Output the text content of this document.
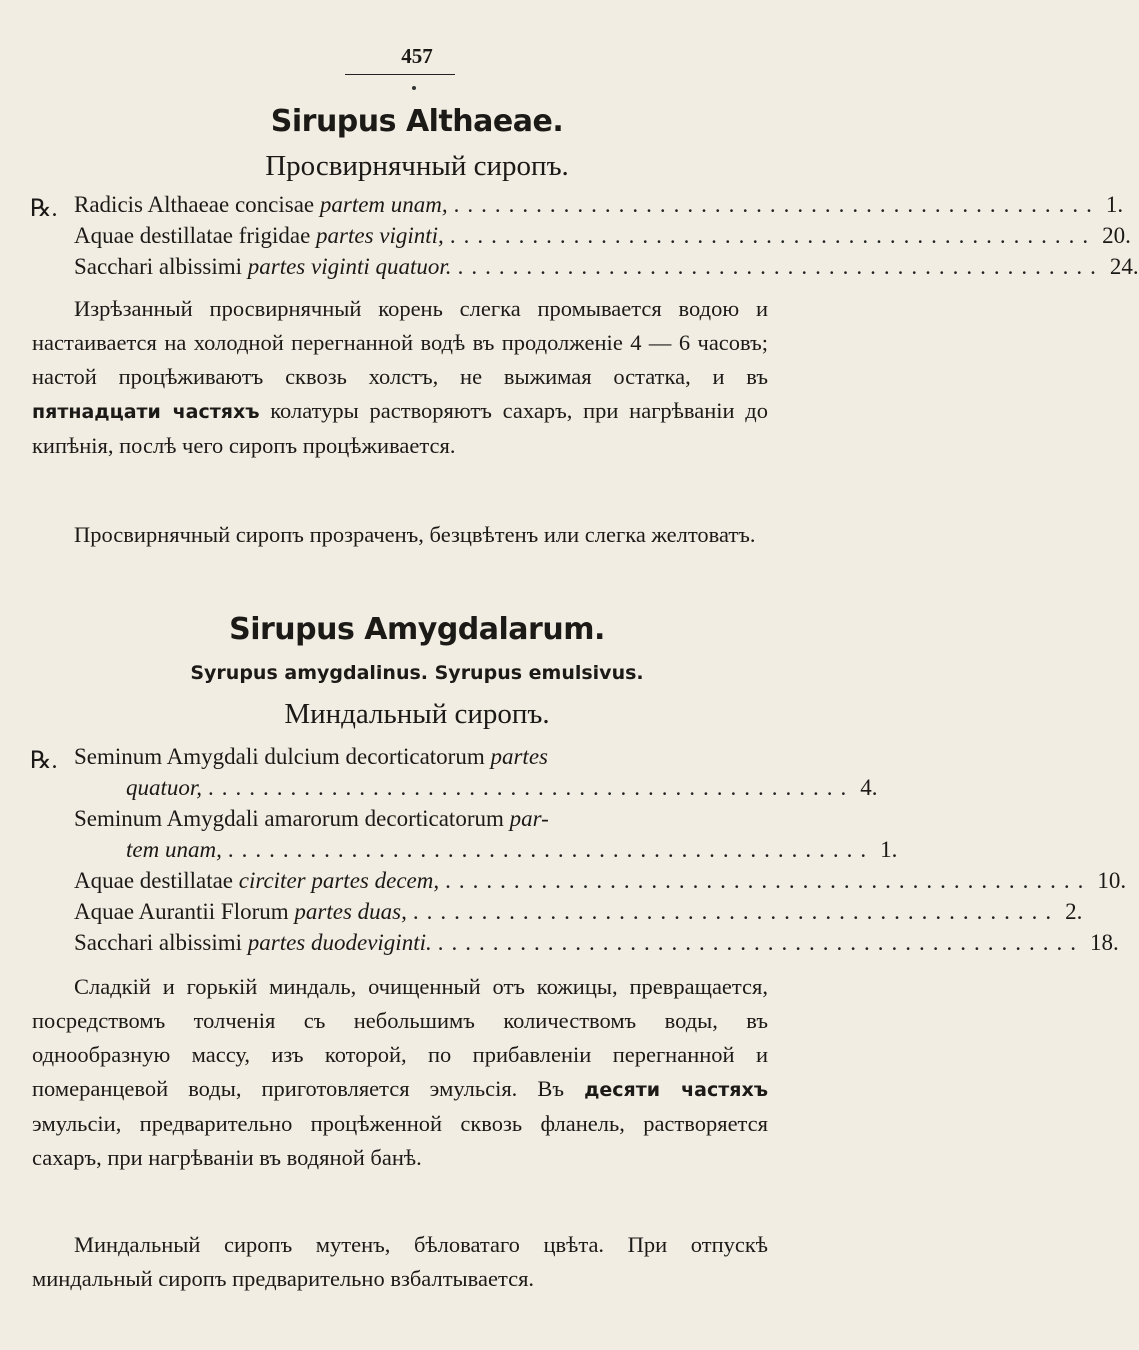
457
Sirupus Althaeae.
Просвирнячный сиропъ.
℞. Radicis Althaeae concisae partem unam, ............................................... 1.
Aquae destillatae frigidae partes viginti, ............................................... 20.
Sacchari albissimi partes viginti quatuor. ............................................... 24.
Изрѣзанный просвирнячный корень слегка промывается водою и настаивается на холодной перегнанной водѣ въ продолженіе 4 — 6 часовъ; настой процѣживаютъ сквозь холстъ, не выжимая остатка, и въ пятнадцати частяхъ колатуры растворяютъ сахаръ, при нагрѣваніи до кипѣнія, послѣ чего сиропъ процѣживается.
Просвирнячный сиропъ прозраченъ, безцвѣтенъ или слегка желтоватъ.
Sirupus Amygdalarum.
Syrupus amygdalinus. Syrupus emulsivus.
Миндальный сиропъ.
℞. Seminum Amygdali dulcium decorticatorum partes
quatuor, ............................................... 4.
Seminum Amygdali amarorum decorticatorum par-
tem unam, ............................................... 1.
Aquae destillatae circiter partes decem, ............................................... 10.
Aquae Aurantii Florum partes duas, ............................................... 2.
Sacchari albissimi partes duodeviginti. ............................................... 18.
Сладкій и горькій миндаль, очищенный отъ кожицы, превращается, посредствомъ толченія съ небольшимъ количествомъ воды, въ однообразную массу, изъ которой, по прибавленіи перегнанной и померанцевой воды, приготовляется эмульсія. Въ десяти частяхъ эмульсіи, предварительно процѣженной сквозь фланель, растворяется сахаръ, при нагрѣваніи въ водяной банѣ.
Миндальный сиропъ мутенъ, бѣловатаго цвѣта. При отпускѣ миндальный сиропъ предварительно взбалтывается.
